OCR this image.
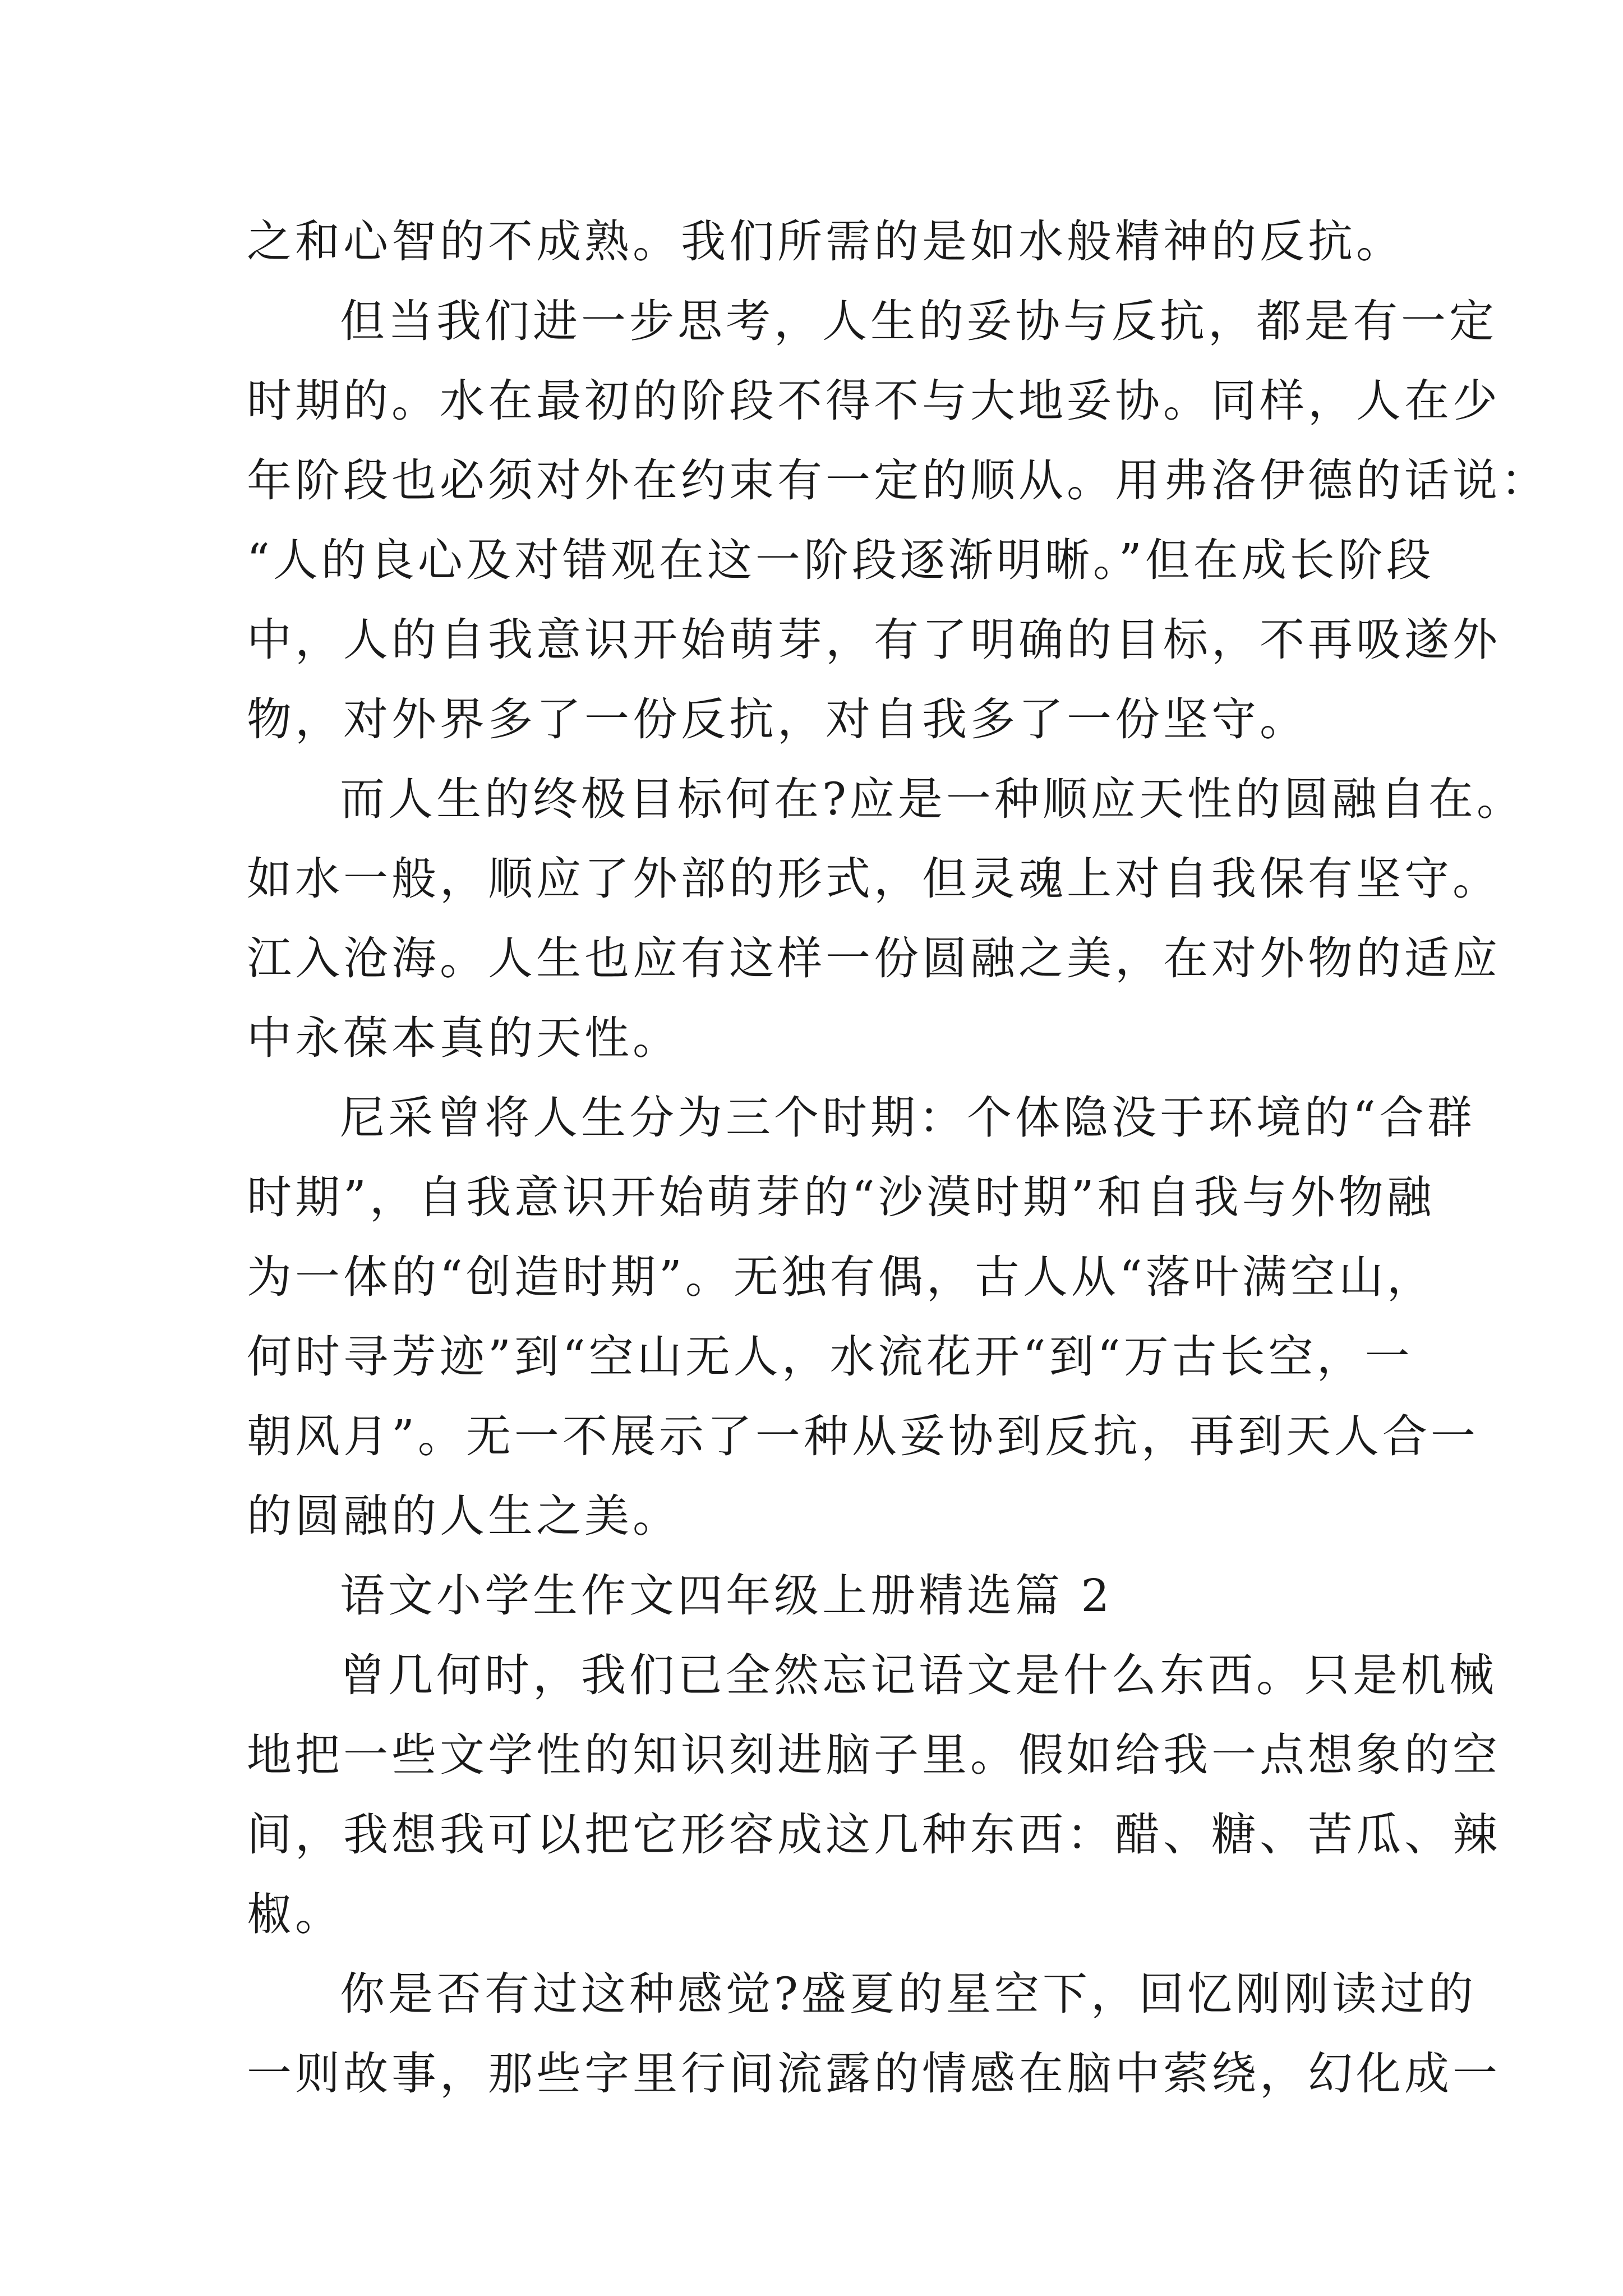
之和心智的不成熟。我们所需的是如水般精神的反抗。
但当我们进一步思考，人生的妥协与反抗，都是有一定
时期的。水在最初的阶段不得不与大地妥协。同样，人在少
年阶段也必须对外在约束有一定的顺从。用弗洛伊德的话说：
“人的良心及对错观在这一阶段逐渐明晰。”但在成长阶段
中，人的自我意识开始萌芽，有了明确的目标，不再吸遂外
物，对外界多了一份反抗，对自我多了一份坚守。
而人生的终极目标何在?应是一种顺应天性的圆融自在。
如水一般，顺应了外部的形式，但灵魂上对自我保有坚守。
江入沧海。人生也应有这样一份圆融之美，在对外物的适应
中永葆本真的天性。
尼采曾将人生分为三个时期：个体隐没于环境的“合群
时期”，自我意识开始萌芽的“沙漠时期”和自我与外物融
为一体的“创造时期”。无独有偶，古人从“落叶满空山，
何时寻芳迹”到“空山无人，水流花开“到“万古长空，一
朝风月”。无一不展示了一种从妥协到反抗，再到天人合一
的圆融的人生之美。
语文小学生作文四年级上册精选篇 2
曾几何时，我们已全然忘记语文是什么东西。只是机械
地把一些文学性的知识刻进脑子里。假如给我一点想象的空
间，我想我可以把它形容成这几种东西：醋、糖、苦瓜、辣
椒。
你是否有过这种感觉?盛夏的星空下，回忆刚刚读过的
一则故事，那些字里行间流露的情感在脑中萦绕，幻化成一
